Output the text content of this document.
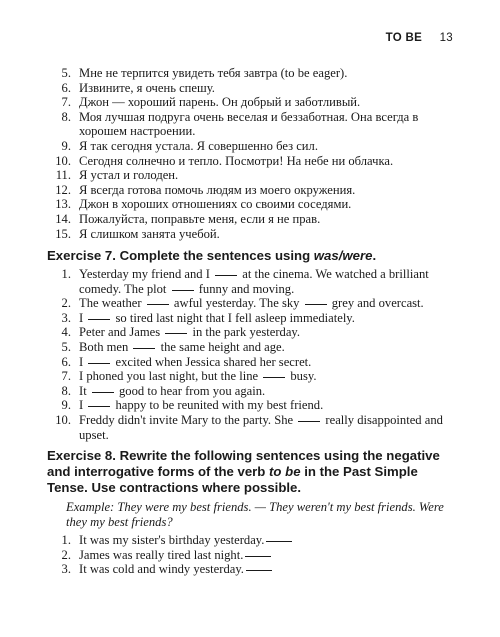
TO BE 13
5. Мне не терпится увидеть тебя завтра (to be eager).
6. Извините, я очень спешу.
7. Джон — хороший парень. Он добрый и заботливый.
8. Моя лучшая подруга очень веселая и беззаботная. Она всегда в хорошем настроении.
9. Я так сегодня устала. Я совершенно без сил.
10. Сегодня солнечно и тепло. Посмотри! На небе ни облачка.
11. Я устал и голоден.
12. Я всегда готова помочь людям из моего окружения.
13. Джон в хороших отношениях со своими соседями.
14. Пожалуйста, поправьте меня, если я не прав.
15. Я слишком занята учебой.
Exercise 7. Complete the sentences using was/were.
1. Yesterday my friend and I  at the cinema. We watched a brilliant comedy. The plot  funny and moving.
2. The weather  awful yesterday. The sky  grey and overcast.
3. I  so tired last night that I fell asleep immediately.
4. Peter and James  in the park yesterday.
5. Both men  the same height and age.
6. I  excited when Jessica shared her secret.
7. I phoned you last night, but the line  busy.
8. It  good to hear from you again.
9. I  happy to be reunited with my best friend.
10. Freddy didn't invite Mary to the party. She  really disappointed and upset.
Exercise 8. Rewrite the following sentences using the negative and interrogative forms of the verb to be in the Past Simple Tense. Use contractions where possible.
Example: They were my best friends. — They weren't my best friends. Were they my best friends?
1. It was my sister's birthday yesterday.
2. James was really tired last night.
3. It was cold and windy yesterday.
